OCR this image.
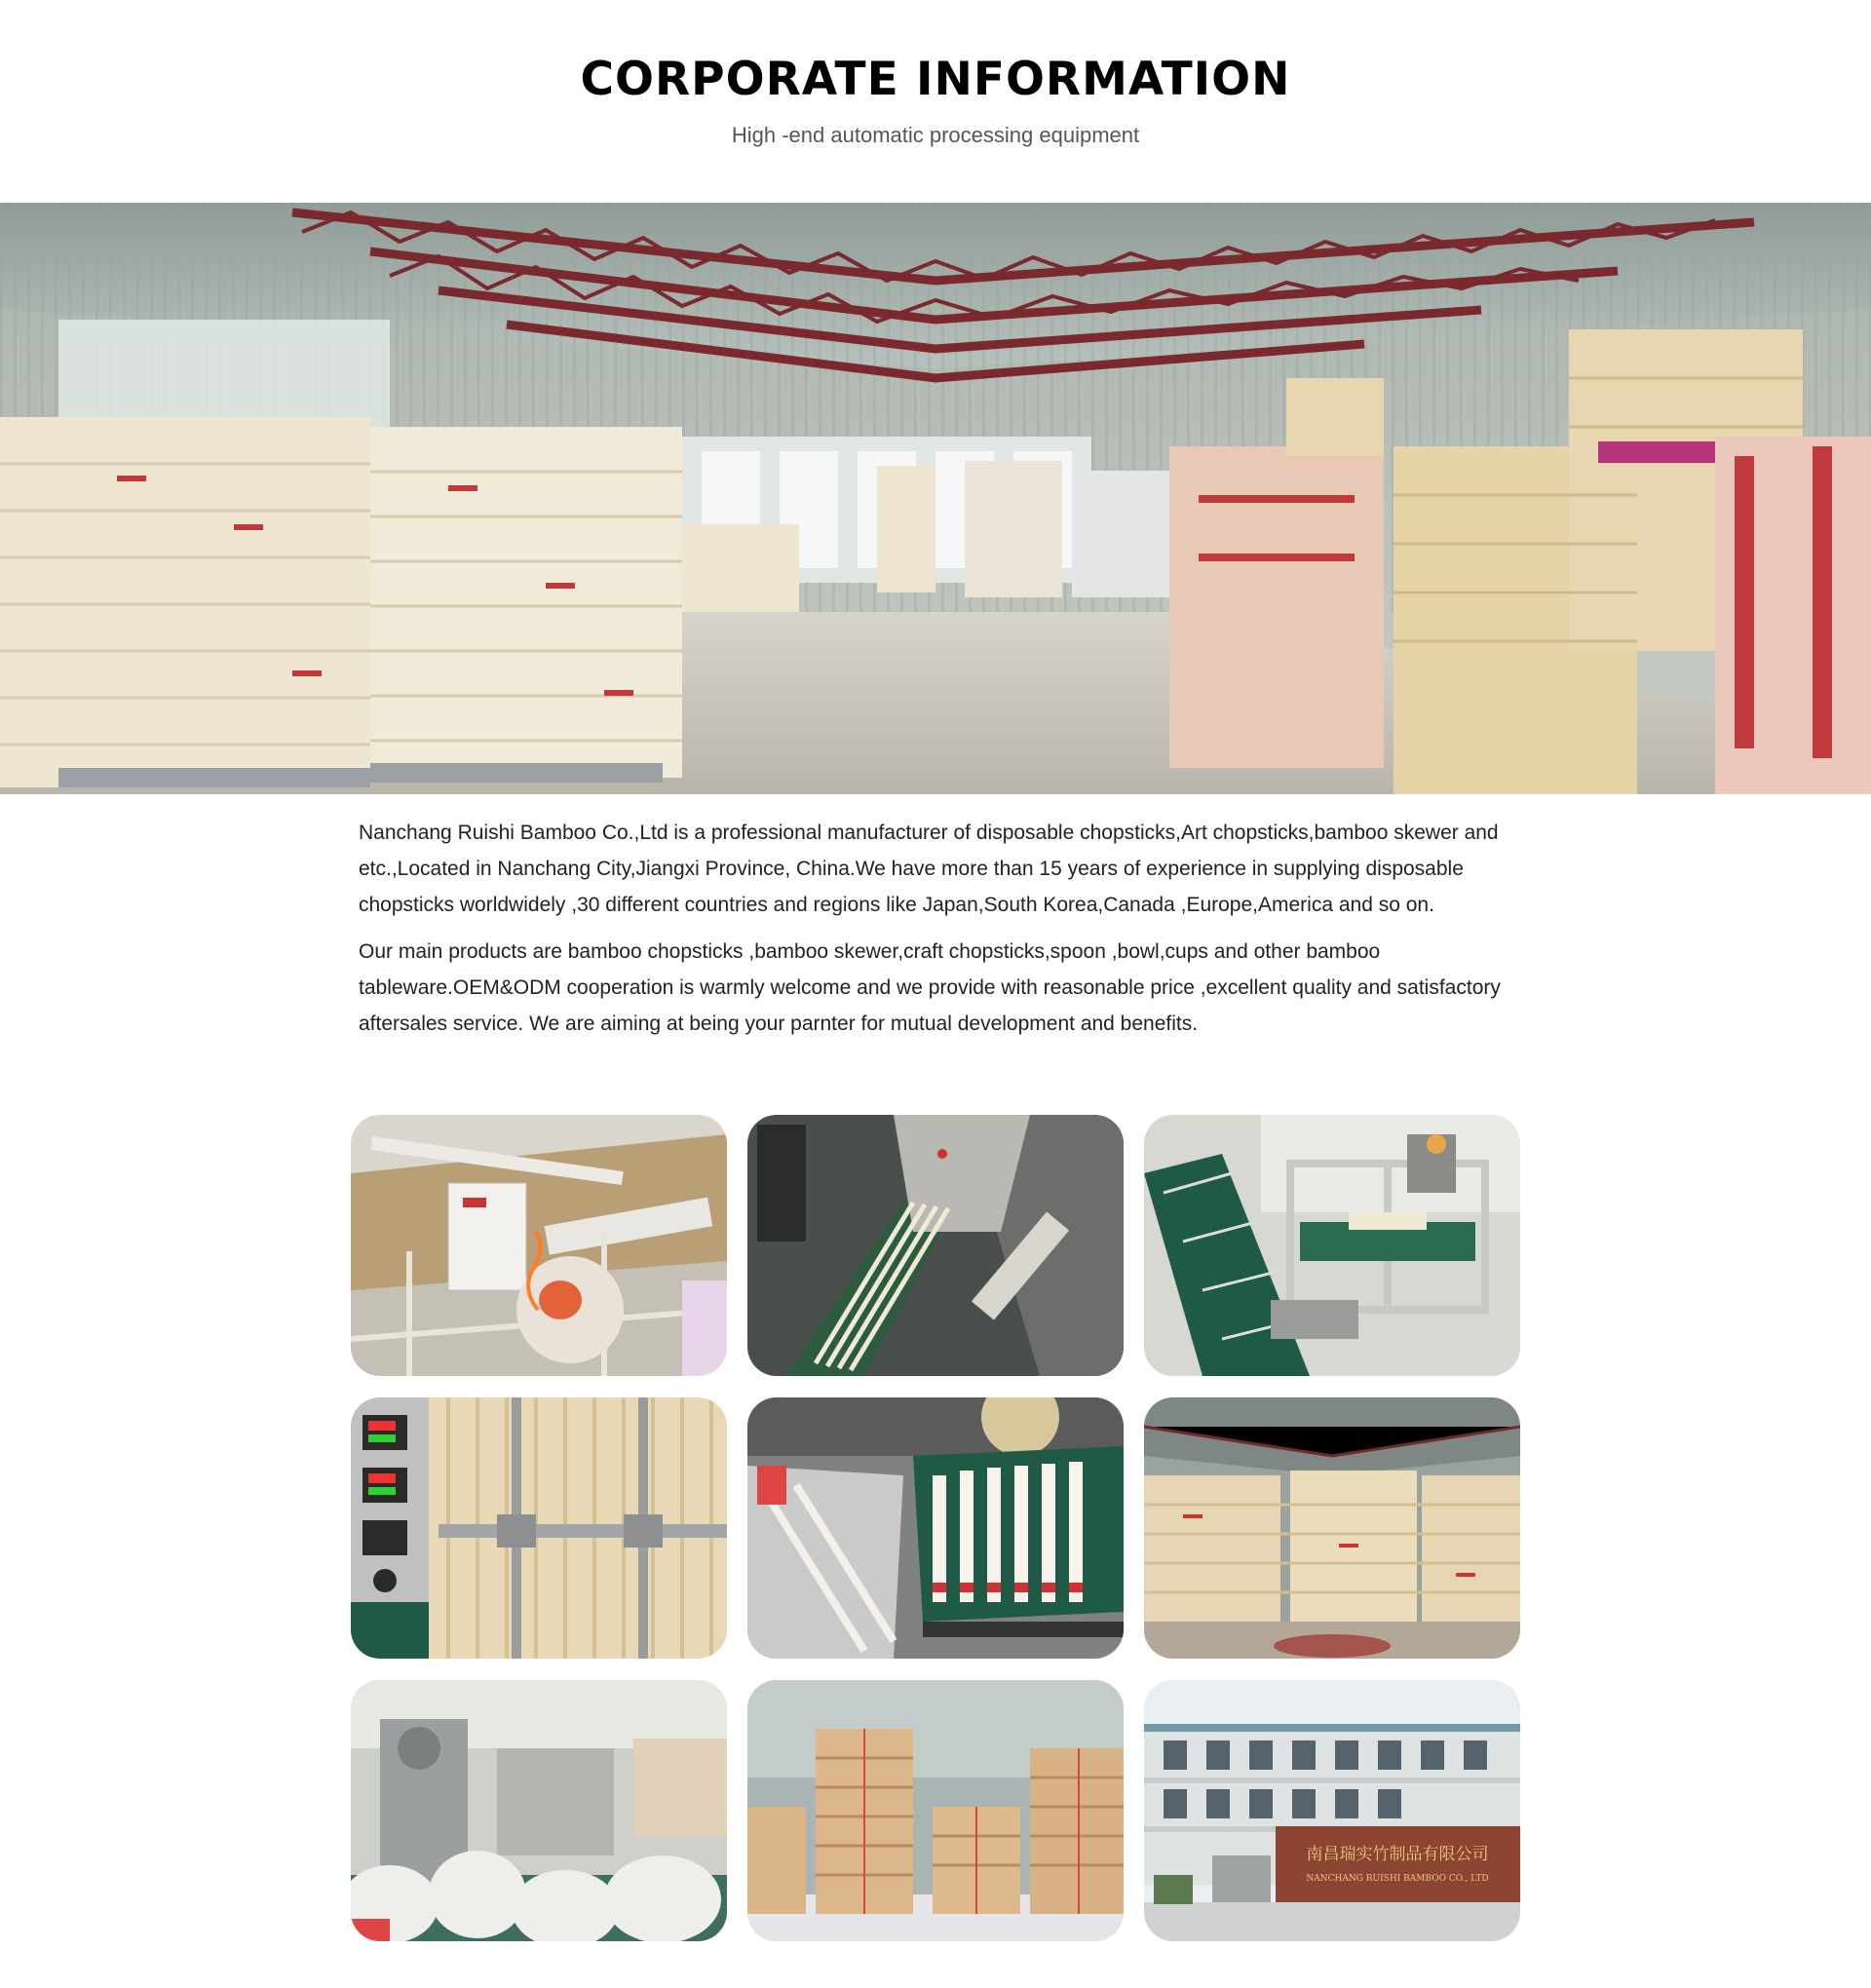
CORPORATE INFORMATION
High -end automatic processing equipment

Nanchang Ruishi Bamboo Co.,Ltd is a professional manufacturer of disposable chopsticks,Art chopsticks,bamboo skewer and etc.,Located in Nanchang City,Jiangxi Province, China.We have more than 15 years of experience in supplying disposable chopsticks worldwidely ,30 different countries and regions like Japan,South Korea,Canada ,Europe,America and so on.

Our main products are bamboo chopsticks ,bamboo skewer,craft chopsticks,spoon ,bowl,cups and other bamboo tableware.OEM&ODM cooperation is warmly welcome and we provide with reasonable price ,excellent quality and satisfactory aftersales service. We are aiming at being your parnter for mutual development and benefits.

南昌瑞实竹制品有限公司
NANCHANG RUISHI BAMBOO CO., LTD
